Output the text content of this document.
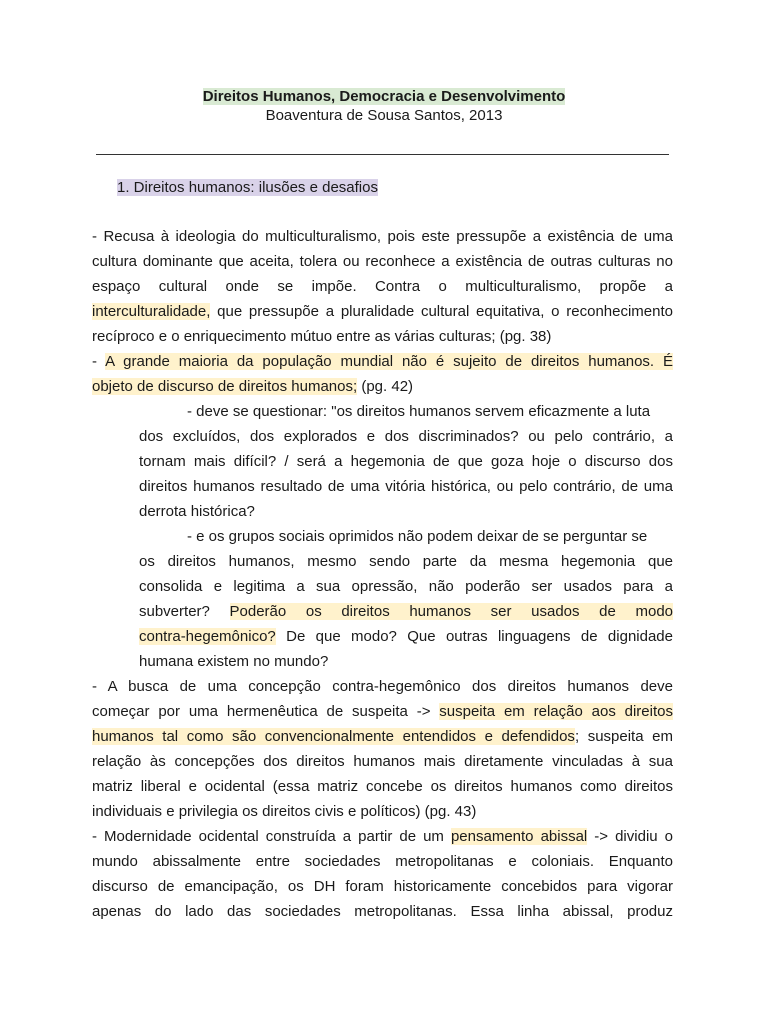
Direitos Humanos, Democracia e Desenvolvimento
Boaventura de Sousa Santos, 2013
1. Direitos humanos: ilusões e desafios
- Recusa à ideologia do multiculturalismo, pois este pressupõe a existência de uma
cultura dominante que aceita, tolera ou reconhece a existência de outras culturas no
espaço cultural onde se impõe. Contra o multiculturalismo, propõe a
interculturalidade, que pressupõe a pluralidade cultural equitativa, o reconhecimento
recíproco e o enriquecimento mútuo entre as várias culturas; (pg. 38)
- A grande maioria da população mundial não é sujeito de direitos humanos. É
objeto de discurso de direitos humanos; (pg. 42)
- deve se questionar: "os direitos humanos servem eficazmente a luta
dos excluídos, dos explorados e dos discriminados? ou pelo contrário, a
tornam mais difícil? / será a hegemonia de que goza hoje o discurso dos
direitos humanos resultado de uma vitória histórica, ou pelo contrário, de uma
derrota histórica?
- e os grupos sociais oprimidos não podem deixar de se perguntar se
os direitos humanos, mesmo sendo parte da mesma hegemonia que
consolida e legitima a sua opressão, não poderão ser usados para a
subverter? Poderão os direitos humanos ser usados de modo
contra-hegemônico? De que modo? Que outras linguagens de dignidade
humana existem no mundo?
- A busca de uma concepção contra-hegemônico dos direitos humanos deve
começar por uma hermenêutica de suspeita -> suspeita em relação aos direitos
humanos tal como são convencionalmente entendidos e defendidos; suspeita em
relação às concepções dos direitos humanos mais diretamente vinculadas à sua
matriz liberal e ocidental (essa matriz concebe os direitos humanos como direitos
individuais e privilegia os direitos civis e políticos) (pg. 43)
- Modernidade ocidental construída a partir de um pensamento abissal -> dividiu o
mundo abissalmente entre sociedades metropolitanas e coloniais. Enquanto
discurso de emancipação, os DH foram historicamente concebidos para vigorar
apenas do lado das sociedades metropolitanas. Essa linha abissal, produz
